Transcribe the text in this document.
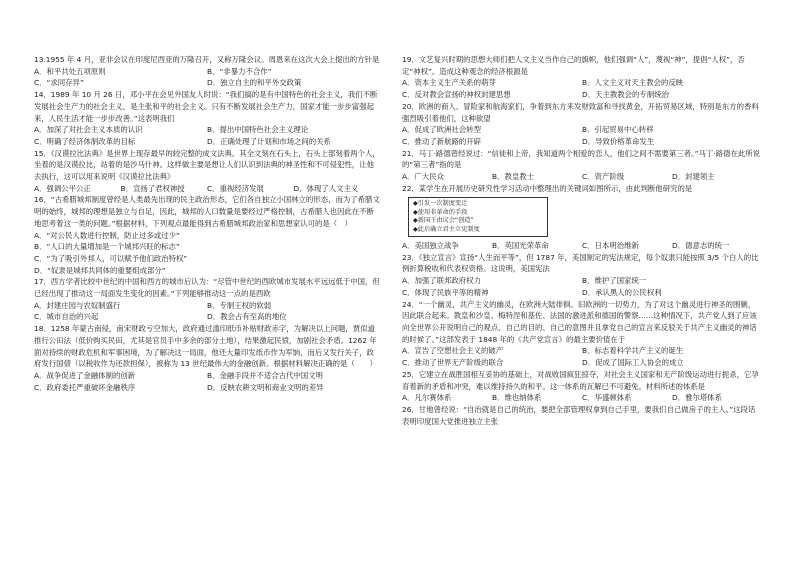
13.1955 年 4 月，亚非会议在印度尼西亚的万隆召开，又称万隆会议。周恩来在这次大会上提出的方针是
A．和平共处五项原则	B．“非暴力不合作”
C．“求同存异”	D．独立自主的和平外交政策
14．1989 年 10 月 26 日，邓小平在会见外国友人时说：“我们搞的是有中国特色的社会主义，我们不断发展社会生产力的社会主义，是主张和平的社会主义。只有不断发展社会生产力，国家才能一步步富强起来，人民生活才能一步步改善。”这表明我们
A．加深了对社会主义本质的认识	B．提出中国特色社会主义理论
C．明确了经济体制改革的目标	D．正确处理了计划和市场之间的关系
15．《汉谟拉比法典》是世界上现存最早的较完整的成文法典。其全文刻在石头上，石头上部刻着两个人，坐着的是汉谟拉比，站着的是沙马什神。这样做主要是想让人们认识到法典的神圣性和不可侵犯性，让他去执行，这可以用来说明《汉谟拉比法典》
A．强调公平公正	B．宣扬了君权神授	C．重视经济发展	D．体现了人文主义
16．“古希腊城邦制度曾经是人类最先出现的民主政治形态，它们各自独立小国林立的形态，而为了希腊文明的始终，城邦的理想是独立与自足，因此，城邦的人口数量是要经过严格控制，古希腊人也因此在不断地思考着这一类的问题。”根据材料，下列观点最能得到古希腊城邦政治家和思想家认可的是（　）
A．“对公民人数进行控制，防止过多或过少”
B．“人口的大量增加是一个城邦兴旺的标志”
C．“为了吸引外邦人，可以赋予他们政治特权”
D．“奴隶是城邦共同体的重要组成部分”
17．西方学者比较中世纪的中国和西方的城市后认为：“尽管中世纪的西欧城市发展水平远远低于中国，但已经出现了推动这一局面发生变化的因素。”下列能够推动这一点的是西欧
A．封建庄园与农奴制盛行	B．专制王权的软弱
C．城市自治的兴起	D．教会占有至高的地位
18．1258 年蒙古南侵，南宋财政亏空加大，政府通过滥印纸币补贴财政赤字，为解决以上问题，贾似道推行公田法（低价购买民田，尤其是官员手中多余的部分土地），结果激起民愤，加剧社会矛盾。1262 年面对持续的财政危机和军事困境，为了解决这一局面，他还大量印发纸币作为军饷，而后又发行关子，政府发行国债（以税收作为还款担保），被称为 13 世纪最伟大的金融创新。根据材料解决正确的是（　　）
A．战争促进了金融体制的创新	B．金融手段并不适合古代中国文明
C．政府委托严重破坏金融秩序	D．反映农耕文明和商业文明的差异
19．文艺复兴时期的思想大师们把人文主义当作自己的旗帜，他们强调“人”，蔑视“神”，提倡“人权”，否定“神权”。造成这种观念的经济根源是
A．资本主义生产关系的萌芽	B．人文主义对天主教会的反映
C．反对教会宣扬的神权封建思想	D．天主教教会的专制统治
20．欧洲的商人、冒险家和航海家们，争着到东方来发财致富和寻找黄金，开拓贸易区域，特别是东方的香料强烈吸引着他们，这种欲望
A．促成了欧洲社会转型	B．引起贸易中心转移
C．推动了新航路的开辟	D．导致价格革命发生
21．马丁·路德曾经说过：“信徒和上帝，我知道两个相爱的恋人，他们之间不需要第三者。”马丁·路德在此所说的“第三者”指的是
A．广大民众	B．教皇教士	C．资产阶级	D．封建领主
22．某学生在开展历史研究性学习活动中整理出的关键词如图所示，由此判断他研究的是
◆引发一次制度变迁
◆使用非革命的手段
◆新国王由议会“创造”
◆此后确立君主立宪制度
A．美国独立战争	B．英国光荣革命	C．日本明治维新	D．德意志的统一
23．《独立宣言》宣扬“人生而平等”，但 1787 年，美国制定的宪法规定，每个奴隶只能按照 3/5 个白人的比例折算税收和代表权资格。这说明，美国宪法
A．加强了联邦政府权力	B．维护了国家统一
C．体现了民族平等的精神	D．承认黑人的公民权利
24．“一个幽灵，共产主义的幽灵，在欧洲大陆徘徊。旧欧洲的一切势力，为了对这个幽灵进行神圣的围剿，因此联合起来。教皇和沙皇、梅特涅和基佐、法国的激进派和德国的警察……这种情况下，共产党人到了应该向全世界公开说明自己的观点、自己的目的、自己的意图并且拿党自己的宣言来反驳关于共产主义幽灵的神话的时候了。”这部发表于 1848 年的《共产党宣言》的最主要价值在于
A．宣告了空想社会主义的破产	B．标志着科学共产主义的诞生
C．推动了世界无产阶级的联合	D．促成了国际工人协会的成立
25．它建立在战胜国相互妥协的基础上，对战败国疯狂掠夺，对社会主义国家和无产阶级运动进行扼杀，它孕育着新的矛盾和冲突，难以维持持久的和平。这一体系的瓦解已不可避免。材料所述的体系是
A．凡尔赛体系	B．维也纳体系	C．华盛顿体系	D．雅尔塔体系
26．甘地曾经说：“自治就是自己的统治，要把全部管理权拿到自己手里，要我们自己做房子的主人。”这段话表明印度国大党推进独立主张
